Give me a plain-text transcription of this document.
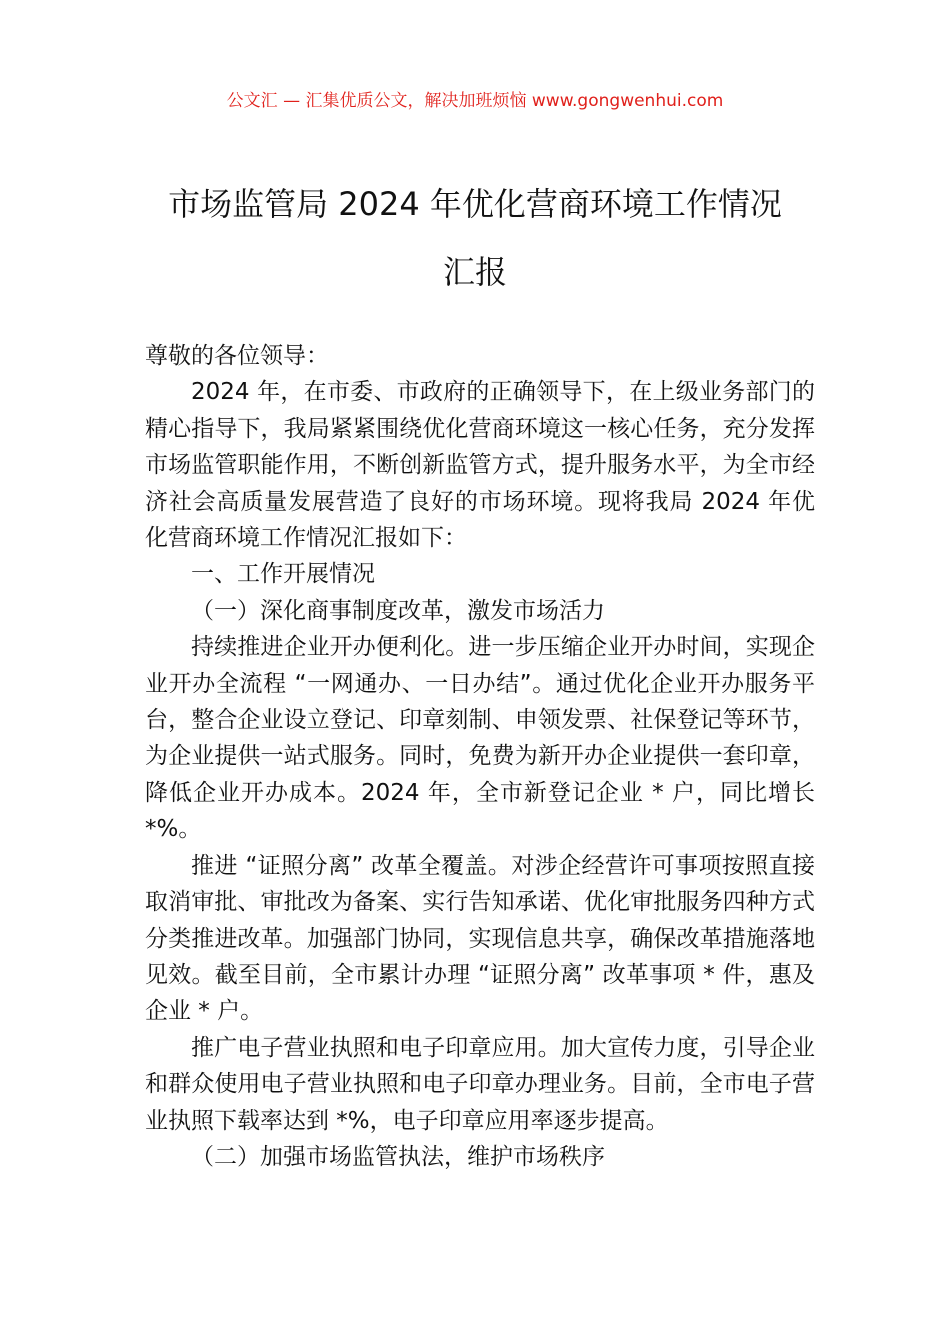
公文汇 — 汇集优质公文，解决加班烦恼 www.gongwenhui.com
市场监管局 2024 年优化营商环境工作情况
汇报

尊敬的各位领导：

2024 年，在市委、市政府的正确领导下，在上级业务部门的精心指导下，我局紧紧围绕优化营商环境这一核心任务，充分发挥市场监管职能作用，不断创新监管方式，提升服务水平，为全市经济社会高质量发展营造了良好的市场环境。现将我局 2024 年优化营商环境工作情况汇报如下：

一、工作开展情况

（一）深化商事制度改革，激发市场活力

持续推进企业开办便利化。进一步压缩企业开办时间，实现企业开办全流程 “一网通办、一日办结”。通过优化企业开办服务平台，整合企业设立登记、印章刻制、申领发票、社保登记等环节，为企业提供一站式服务。同时，免费为新开办企业提供一套印章，降低企业开办成本。2024 年，全市新登记企业 * 户，同比增长 *%。

推进 “证照分离” 改革全覆盖。对涉企经营许可事项按照直接取消审批、审批改为备案、实行告知承诺、优化审批服务四种方式分类推进改革。加强部门协同，实现信息共享，确保改革措施落地见效。截至目前，全市累计办理 “证照分离” 改革事项 * 件，惠及企业 * 户。

推广电子营业执照和电子印章应用。加大宣传力度，引导企业和群众使用电子营业执照和电子印章办理业务。目前，全市电子营业执照下载率达到 *%，电子印章应用率逐步提高。

（二）加强市场监管执法，维护市场秩序
